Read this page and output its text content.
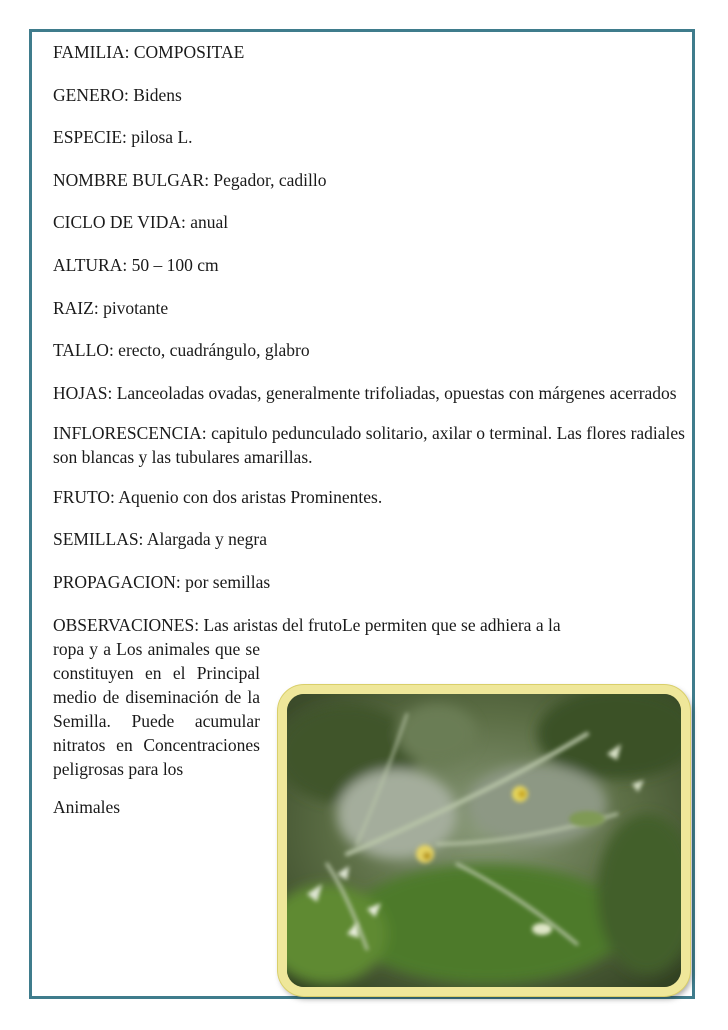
FAMILIA: COMPOSITAE

GENERO: Bidens

ESPECIE: pilosa L.

NOMBRE BULGAR: Pegador, cadillo

CICLO DE VIDA: anual

ALTURA: 50 – 100 cm

RAIZ: pivotante

TALLO: erecto, cuadrángulo, glabro

HOJAS: Lanceoladas ovadas, generalmente trifoliadas, opuestas con márgenes acerrados

INFLORESCENCIA: capitulo pedunculado solitario, axilar o terminal. Las flores radiales son blancas y las tubulares amarillas.

FRUTO: Aquenio con dos aristas Prominentes.

SEMILLAS: Alargada y negra

PROPAGACION: por semillas

OBSERVACIONES: Las aristas del frutoLe permiten que se adhiera a la

ropa y a Los animales que se constituyen en el Principal medio de diseminación de la Semilla. Puede acumular nitratos en Concentraciones peligrosas para los

Animales
